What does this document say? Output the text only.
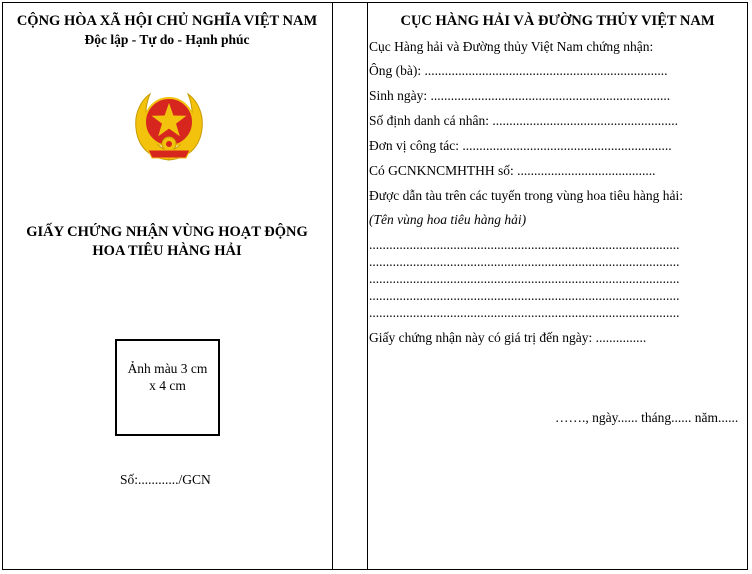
CỘNG HÒA XÃ HỘI CHỦ NGHĨA VIỆT NAM
Độc lập - Tự do - Hạnh phúc
GIẤY CHỨNG NHẬN VÙNG HOẠT ĐỘNG
HOA TIÊU HÀNG HẢI
Ảnh màu 3 cm
x 4 cm
Số:............/GCN
CỤC HÀNG HẢI VÀ ĐƯỜNG THỦY VIỆT NAM
Cục Hàng hải và Đường thủy Việt Nam chứng nhận:
Ông (bà): ........................................................................
Sinh ngày: .......................................................................
Số định danh cá nhân: .......................................................
Đơn vị công tác: ..............................................................
Có GCNKNCMHTHH số: .........................................
Được dẫn tàu trên các tuyến trong vùng hoa tiêu hàng hải:
(Tên vùng hoa tiêu hàng hải)
............................................................................................
............................................................................................
............................................................................................
............................................................................................
............................................................................................
Giấy chứng nhận này có giá trị đến ngày: ...............
……., ngày...... tháng...... năm......
